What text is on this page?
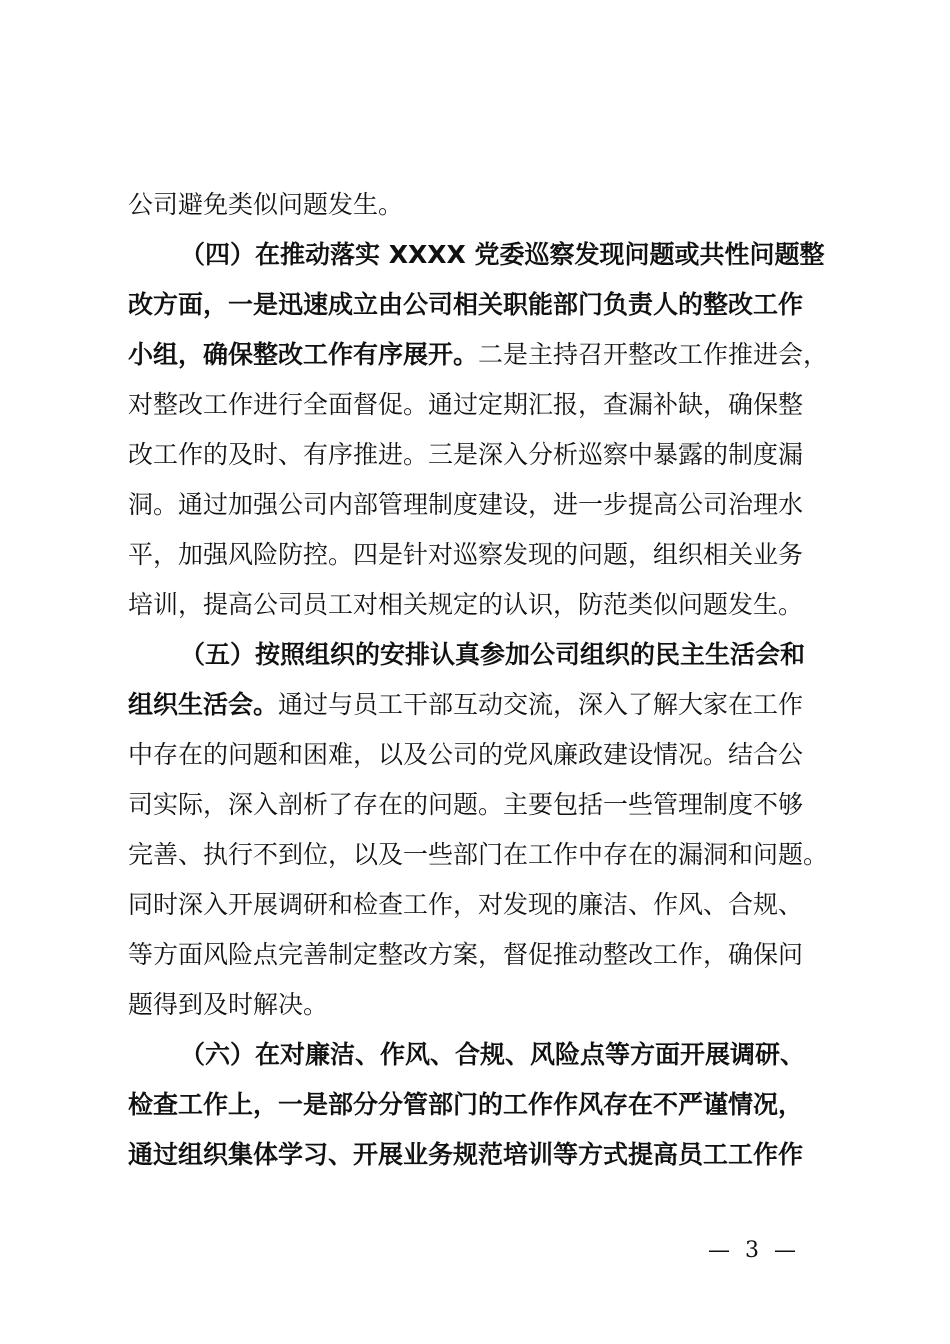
公司避免类似问题发生。
（四）在推动落实 XXXX 党委巡察发现问题或共性问题整
改方面，一是迅速成立由公司相关职能部门负责人的整改工作
小组，确保整改工作有序展开。二是主持召开整改工作推进会，
对整改工作进行全面督促。通过定期汇报，查漏补缺，确保整
改工作的及时、有序推进。三是深入分析巡察中暴露的制度漏
洞。通过加强公司内部管理制度建设，进一步提高公司治理水
平，加强风险防控。四是针对巡察发现的问题，组织相关业务
培训，提高公司员工对相关规定的认识，防范类似问题发生。
（五）按照组织的安排认真参加公司组织的民主生活会和
组织生活会。通过与员工干部互动交流，深入了解大家在工作
中存在的问题和困难，以及公司的党风廉政建设情况。结合公
司实际，深入剖析了存在的问题。主要包括一些管理制度不够
完善、执行不到位，以及一些部门在工作中存在的漏洞和问题。
同时深入开展调研和检查工作，对发现的廉洁、作风、合规、
等方面风险点完善制定整改方案，督促推动整改工作，确保问
题得到及时解决。
（六）在对廉洁、作风、合规、风险点等方面开展调研、
检查工作上，一是部分分管部门的工作作风存在不严谨情况，
通过组织集体学习、开展业务规范培训等方式提高员工工作作
— 3 —
